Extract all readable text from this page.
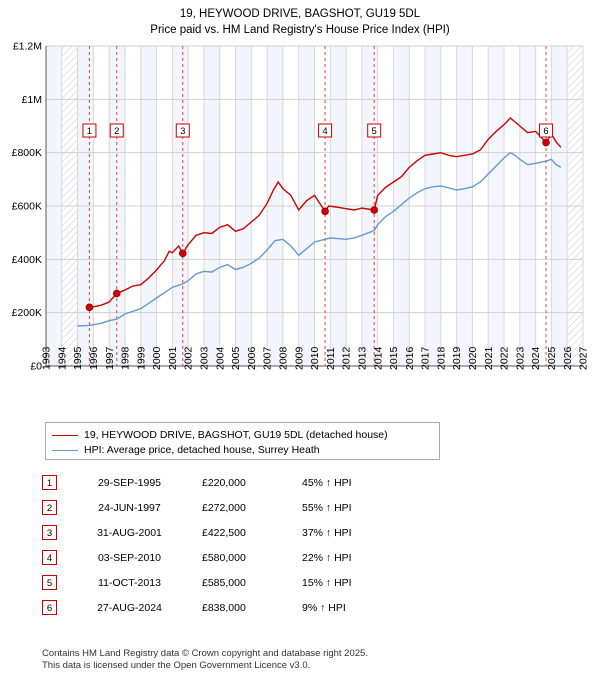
19, HEYWOOD DRIVE, BAGSHOT, GU19 5DL
Price paid vs. HM Land Registry's House Price Index (HPI)
£0
£200K
£400K
£600K
£800K
£1M
£1.2M
1993 1994 1995 1996 1997 1998 1999 2000 2001 2002 2003 2004 2005 2006 2007 2008 2009 2010 2011 2012 2013 2014 2015 2016 2017 2018 2019 2020 2021 2022 2023 2024 2025 2026 2027
1 2	3	4	5	6
19, HEYWOOD DRIVE, BAGSHOT, GU19 5DL (detached house)
HPI: Average price, detached house, Surrey Heath
1	29-SEP-1995	£220,000	45% ↑ HPI
2	24-JUN-1997	£272,000	55% ↑ HPI
3	31-AUG-2001	£422,500	37% ↑ HPI
4	03-SEP-2010	£580,000	22% ↑ HPI
5	11-OCT-2013	£585,000	15% ↑ HPI
6	27-AUG-2024	£838,000	9% ↑ HPI
Contains HM Land Registry data © Crown copyright and database right 2025.
This data is licensed under the Open Government Licence v3.0.
